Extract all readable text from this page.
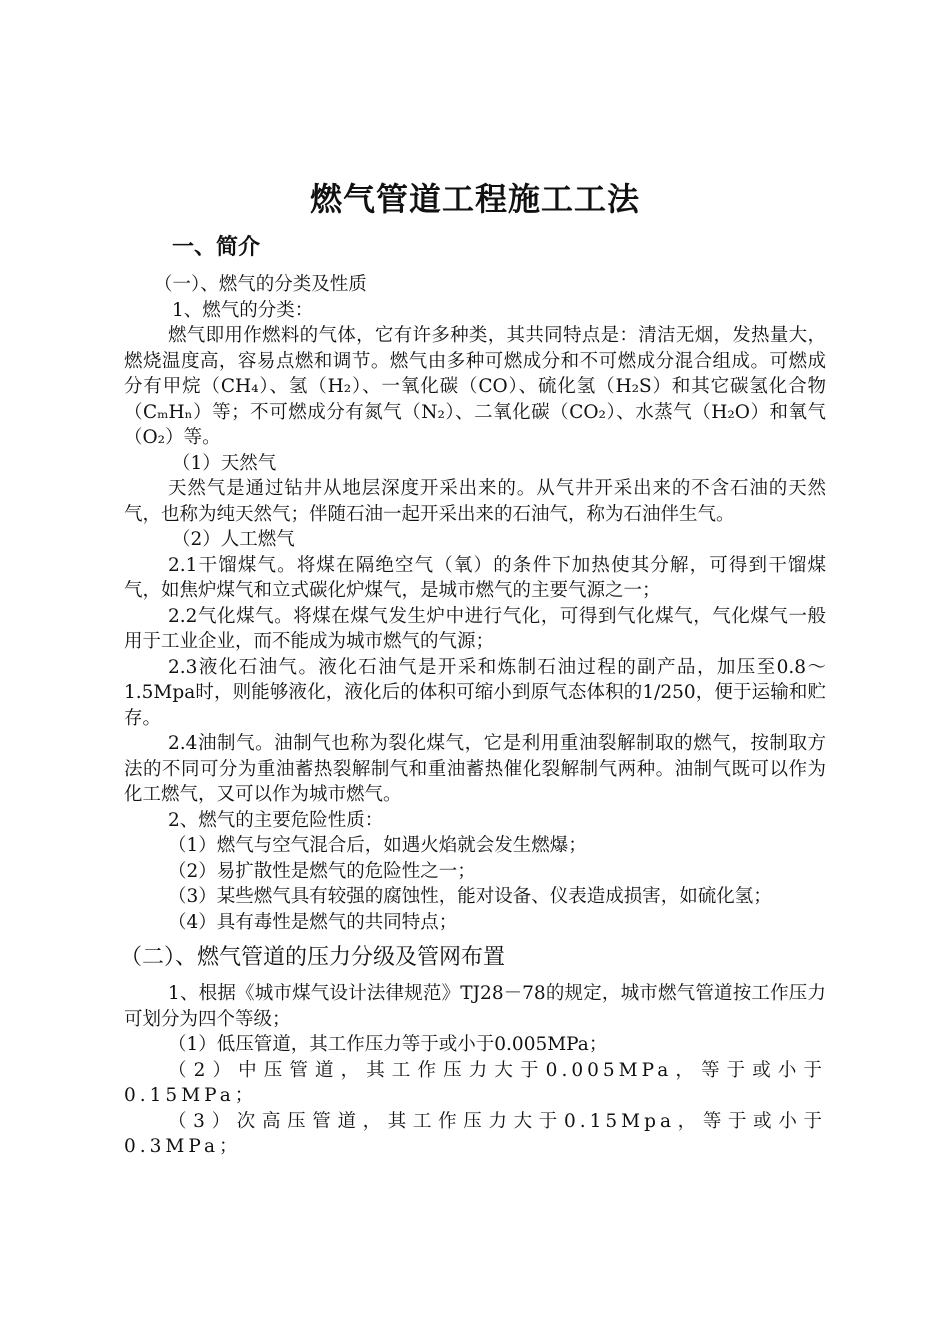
燃气管道工程施工工法
一、简介

（一）、燃气的分类及性质

1、燃气的分类：

燃气即用作燃料的气体，它有许多种类，其共同特点是：清洁无烟，发热量大，燃烧温度高，容易点燃和调节。燃气由多种可燃成分和不可燃成分混合组成。可燃成分有甲烷（CH₄）、氢（H₂）、一氧化碳（CO）、硫化氢（H₂S）和其它碳氢化合物（CₘHₙ）等；不可燃成分有氮气（N₂）、二氧化碳（CO₂）、水蒸气（H₂O）和氧气（O₂）等。

（1）天然气

天然气是通过钻井从地层深度开采出来的。从气井开采出来的不含石油的天然气，也称为纯天然气；伴随石油一起开采出来的石油气，称为石油伴生气。

（2）人工燃气

2.1干馏煤气。将煤在隔绝空气（氧）的条件下加热使其分解，可得到干馏煤气，如焦炉煤气和立式碳化炉煤气，是城市燃气的主要气源之一；

2.2气化煤气。将煤在煤气发生炉中进行气化，可得到气化煤气，气化煤气一般用于工业企业，而不能成为城市燃气的气源；

2.3液化石油气。液化石油气是开采和炼制石油过程的副产品，加压至0.8～1.5Mpa时，则能够液化，液化后的体积可缩小到原气态体积的1/250，便于运输和贮存。

2.4油制气。油制气也称为裂化煤气，它是利用重油裂解制取的燃气，按制取方法的不同可分为重油蓄热裂解制气和重油蓄热催化裂解制气两种。油制气既可以作为化工燃气，又可以作为城市燃气。

2、燃气的主要危险性质：

（1）燃气与空气混合后，如遇火焰就会发生燃爆；

（2）易扩散性是燃气的危险性之一；

（3）某些燃气具有较强的腐蚀性，能对设备、仪表造成损害，如硫化氢；

（4）具有毒性是燃气的共同特点；

（二）、燃气管道的压力分级及管网布置

1、根据《城市煤气设计法律规范》TJ28－78的规定，城市燃气管道按工作压力可划分为四个等级；

（1）低压管道，其工作压力等于或小于0.005MPa；

（2）中压管道，其工作压力大于0.005MPa，等于或小于0.15MPa；

（3）次高压管道，其工作压力大于0.15Mpa，等于或小于0.3MPa；
